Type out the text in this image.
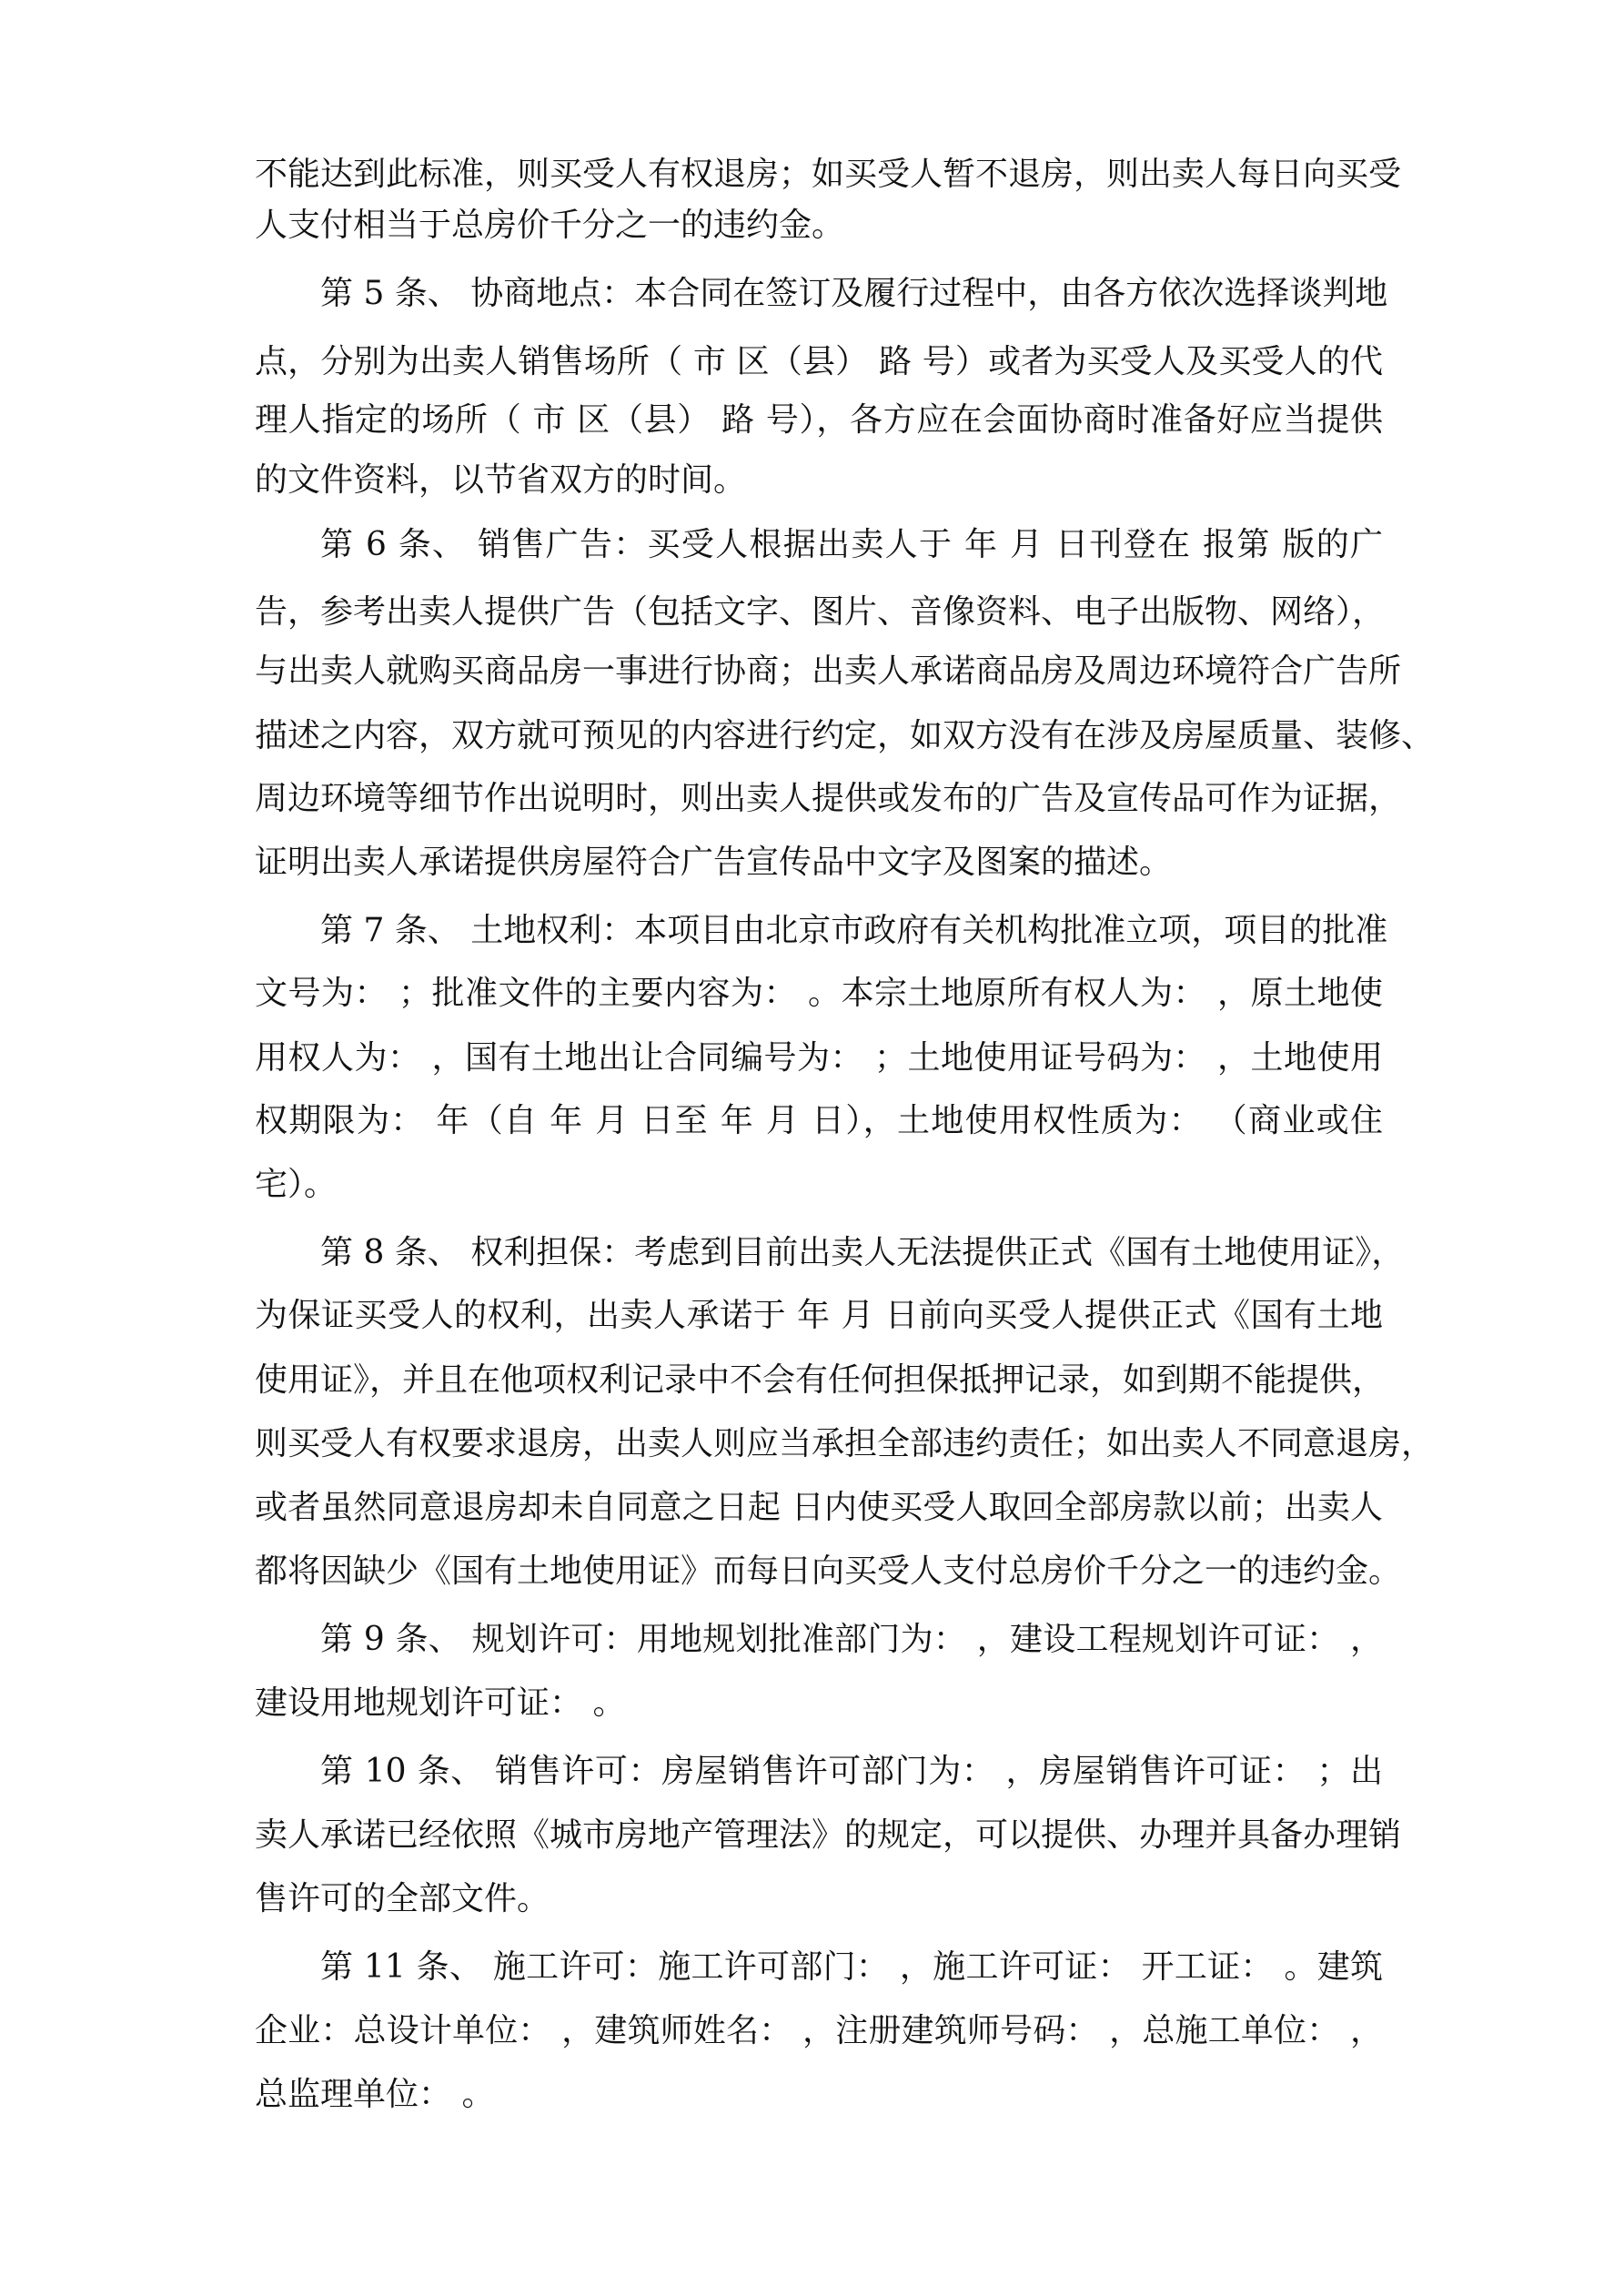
不能达到此标准，则买受人有权退房；如买受人暂不退房，则出卖人每日向买受
人支付相当于总房价千分之一的违约金。
第 5 条、 协商地点：本合同在签订及履行过程中，由各方依次选择谈判地
点，分别为出卖人销售场所（ 市 区（县） 路 号）或者为买受人及买受人的代
理人指定的场所（ 市 区（县） 路 号），各方应在会面协商时准备好应当提供
的文件资料，以节省双方的时间。
第 6 条、 销售广告：买受人根据出卖人于 年 月 日刊登在 报第 版的广
告，参考出卖人提供广告（包括文字、图片、音像资料、电子出版物、网络），
与出卖人就购买商品房一事进行协商；出卖人承诺商品房及周边环境符合广告所
描述之内容，双方就可预见的内容进行约定，如双方没有在涉及房屋质量、装修、
周边环境等细节作出说明时，则出卖人提供或发布的广告及宣传品可作为证据，
证明出卖人承诺提供房屋符合广告宣传品中文字及图案的描述。
第 7 条、 土地权利：本项目由北京市政府有关机构批准立项，项目的批准
文号为： ；批准文件的主要内容为： 。本宗土地原所有权人为： ，原土地使
用权人为： ，国有土地出让合同编号为： ；土地使用证号码为： ，土地使用
权期限为： 年（自 年 月 日至 年 月 日），土地使用权性质为： （商业或住
宅）。
第 8 条、 权利担保：考虑到目前出卖人无法提供正式《国有土地使用证》，
为保证买受人的权利，出卖人承诺于 年 月 日前向买受人提供正式《国有土地
使用证》，并且在他项权利记录中不会有任何担保抵押记录，如到期不能提供，
则买受人有权要求退房，出卖人则应当承担全部违约责任；如出卖人不同意退房，
或者虽然同意退房却未自同意之日起 日内使买受人取回全部房款以前；出卖人
都将因缺少《国有土地使用证》而每日向买受人支付总房价千分之一的违约金。
第 9 条、 规划许可：用地规划批准部门为： ，建设工程规划许可证： ，
建设用地规划许可证： 。
第 10 条、 销售许可：房屋销售许可部门为： ，房屋销售许可证： ；出
卖人承诺已经依照《城市房地产管理法》的规定，可以提供、办理并具备办理销
售许可的全部文件。
第 11 条、 施工许可：施工许可部门： ，施工许可证： 开工证： 。建筑
企业：总设计单位： ，建筑师姓名： ，注册建筑师号码： ，总施工单位： ，
总监理单位： 。
